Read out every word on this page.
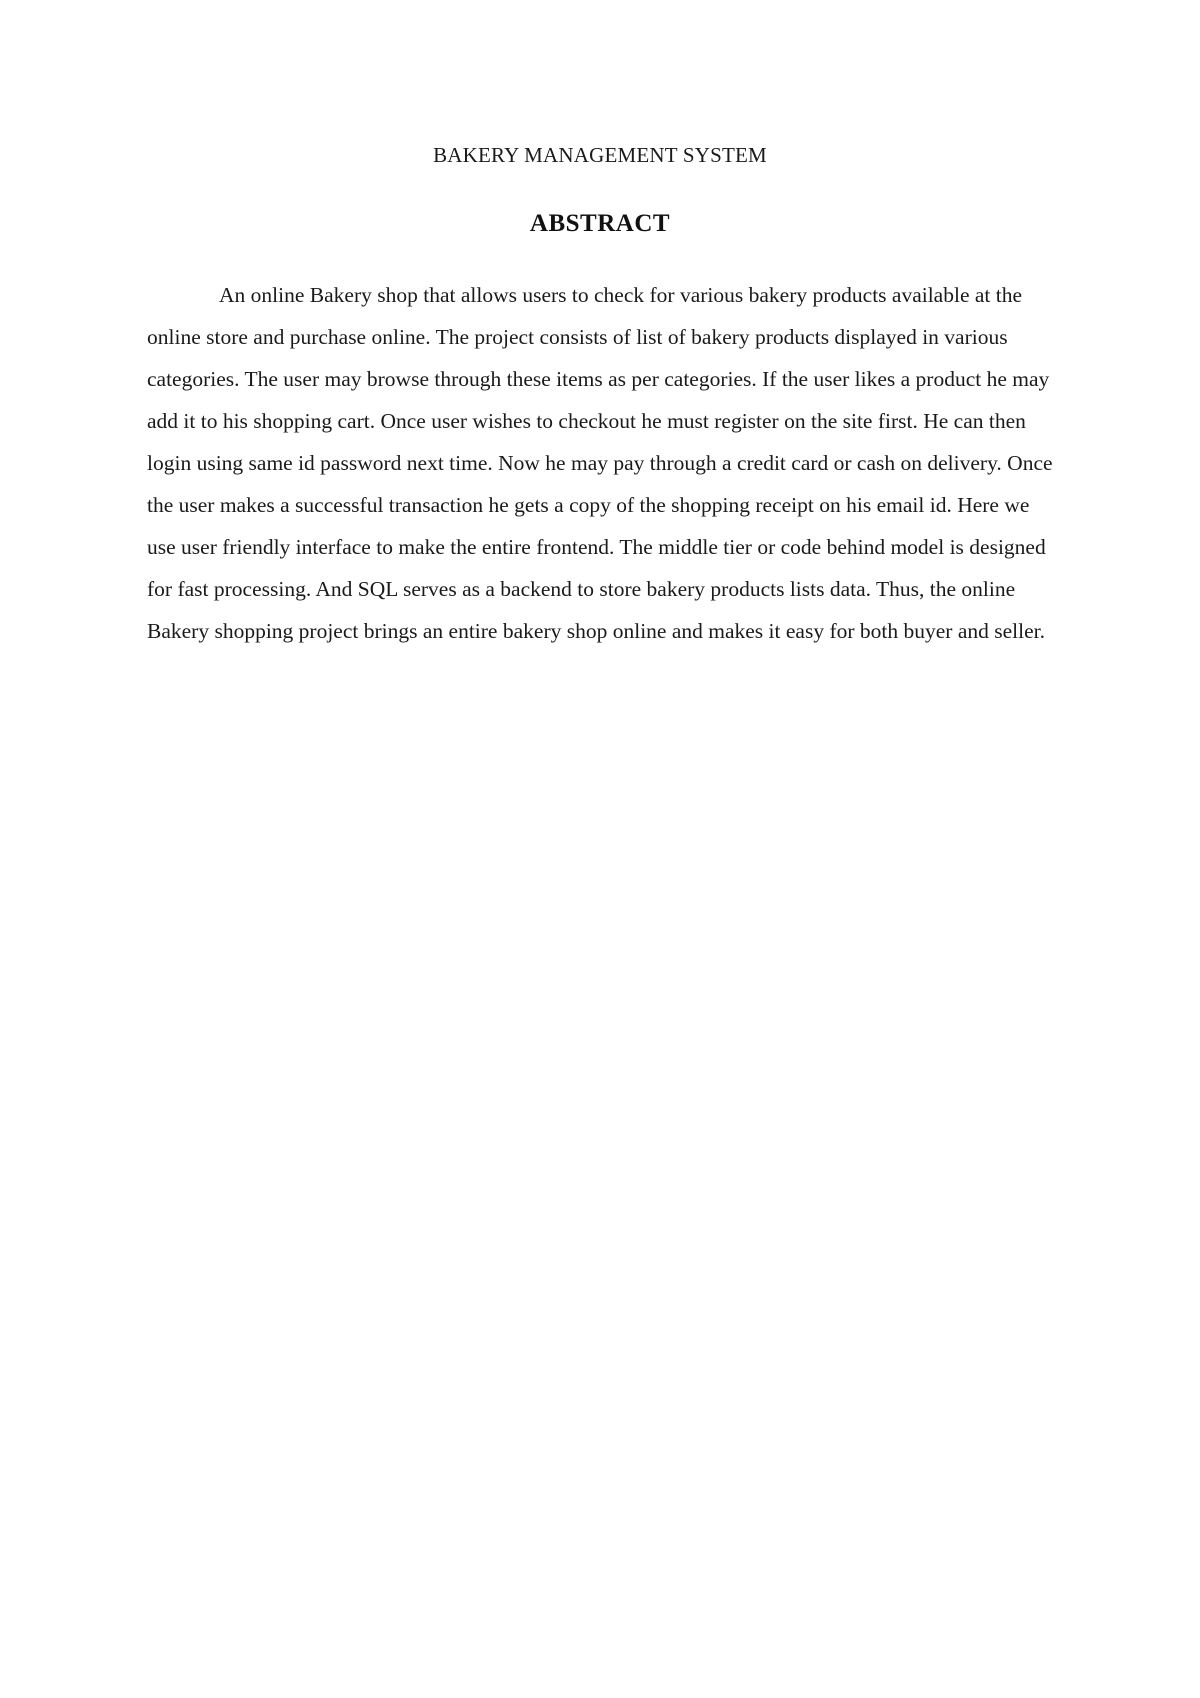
BAKERY MANAGEMENT SYSTEM
ABSTRACT

An online Bakery shop that allows users to check for various bakery products available at the online store and purchase online. The project consists of list of bakery products displayed in various categories. The user may browse through these items as per categories. If the user likes a product he may add it to his shopping cart. Once user wishes to checkout he must register on the site first. He can then login using same id password next time. Now he may pay through a credit card or cash on delivery. Once the user makes a successful transaction he gets a copy of the shopping receipt on his email id. Here we use user friendly interface to make the entire frontend. The middle tier or code behind model is designed for fast processing. And SQL serves as a backend to store bakery products lists data. Thus, the online Bakery shopping project brings an entire bakery shop online and makes it easy for both buyer and seller.
